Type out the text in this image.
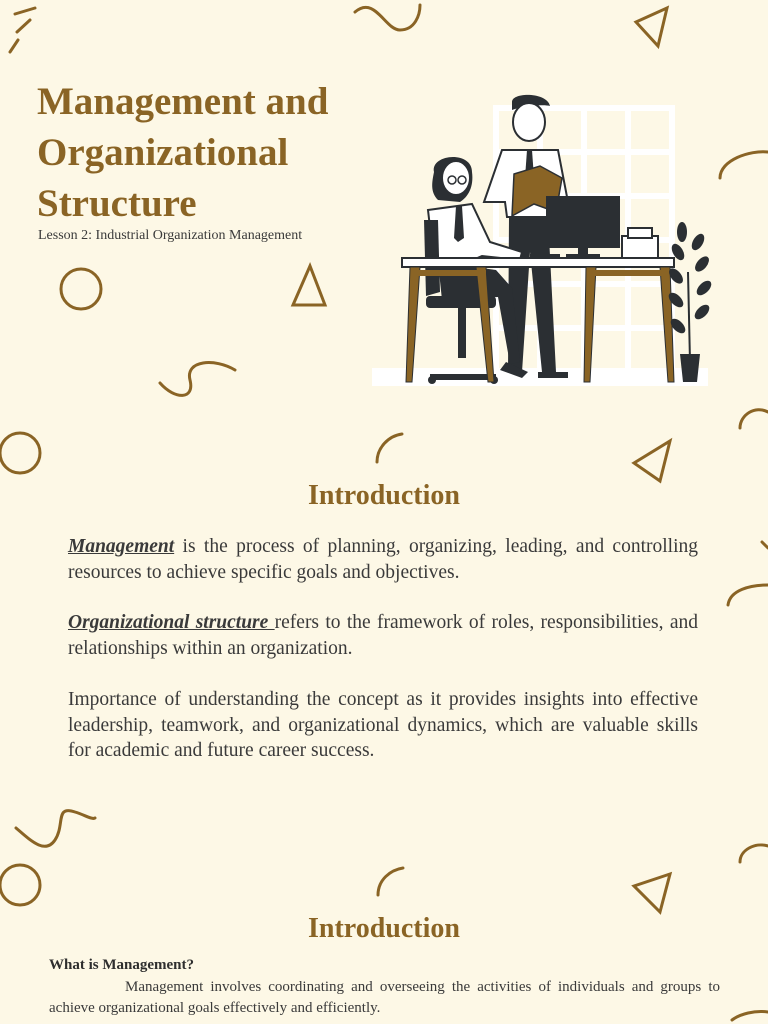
Management and Organizational Structure
Lesson 2: Industrial Organization Management
Introduction

Management is the process of planning, organizing, leading, and controlling resources to achieve specific goals and objectives.

Organizational structure refers to the framework of roles, responsibilities, and relationships within an organization.

Importance of understanding the concept as it provides insights into effective leadership, teamwork, and organizational dynamics, which are valuable skills for academic and future career success.

Introduction
What is Management?

Management involves coordinating and overseeing the activities of individuals and groups to achieve organizational goals effectively and efficiently.
